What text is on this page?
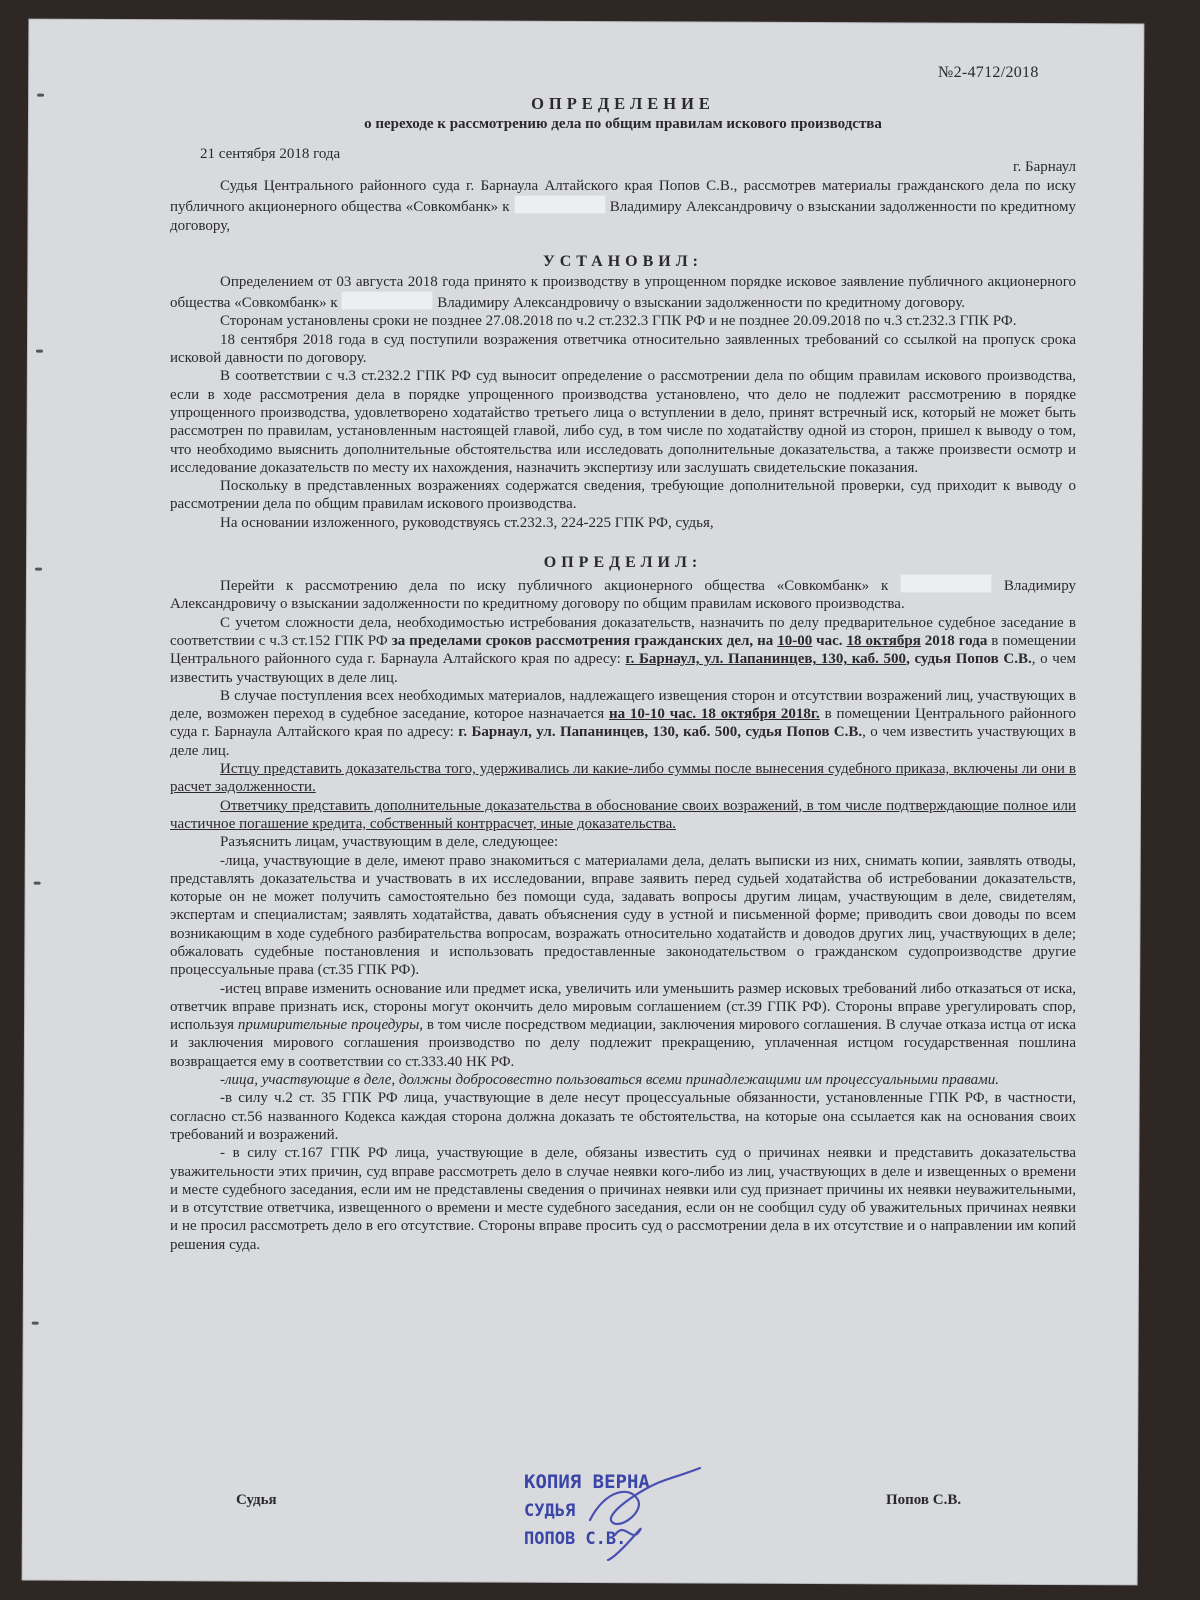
№2-4712/2018
ОПРЕДЕЛЕНИЕ
о переходе к рассмотрению дела по общим правилам искового производства
21 сентября 2018 года
г. Барнаул

Судья Центрального районного суда г. Барнаула Алтайского края Попов С.В., рассмотрев материалы гражданского дела по иску публичного акционерного общества «Совкомбанк» к	Владимиру Александровичу о взыскании задолженности по кредитному договору,

УСТАНОВИЛ:

Определением от 03 августа 2018 года принято к производству в упрощенном порядке исковое заявление публичного акционерного общества «Совкомбанк» к	Владимиру Александровичу о взыскании задолженности по кредитному договору.

Сторонам установлены сроки не позднее 27.08.2018 по ч.2 ст.232.3 ГПК РФ и не позднее 20.09.2018 по ч.3 ст.232.3 ГПК РФ.

18 сентября 2018 года в суд поступили возражения ответчика относительно заявленных требований со ссылкой на пропуск срока исковой давности по договору.

В соответствии с ч.3 ст.232.2 ГПК РФ суд выносит определение о рассмотрении дела по общим правилам искового производства, если в ходе рассмотрения дела в порядке упрощенного производства установлено, что дело не подлежит рассмотрению в порядке упрощенного производства, удовлетворено ходатайство третьего лица о вступлении в дело, принят встречный иск, который не может быть рассмотрен по правилам, установленным настоящей главой, либо суд, в том числе по ходатайству одной из сторон, пришел к выводу о том, что необходимо выяснить дополнительные обстоятельства или исследовать дополнительные доказательства, а также произвести осмотр и исследование доказательств по месту их нахождения, назначить экспертизу или заслушать свидетельские показания.

Поскольку в представленных возражениях содержатся сведения, требующие дополнительной проверки, суд приходит к выводу о рассмотрении дела по общим правилам искового производства.

На основании изложенного, руководствуясь ст.232.3, 224-225 ГПК РФ, судья,

ОПРЕДЕЛИЛ:

Перейти к рассмотрению дела по иску публичного акционерного общества «Совкомбанк» к	Владимиру Александровичу о взыскании задолженности по кредитному договору по общим правилам искового производства.

С учетом сложности дела, необходимостью истребования доказательств, назначить по делу предварительное судебное заседание в соответствии с ч.3 ст.152 ГПК РФ за пределами сроков рассмотрения гражданских дел, на 10-00 час. 18 октября 2018 года в помещении Центрального районного суда г. Барнаула Алтайского края по адресу: г. Барнаул, ул. Папанинцев, 130, каб. 500, судья Попов С.В., о чем известить участвующих в деле лиц.

В случае поступления всех необходимых материалов, надлежащего извещения сторон и отсутствии возражений лиц, участвующих в деле, возможен переход в судебное заседание, которое назначается на 10-10 час. 18 октября 2018г. в помещении Центрального районного суда г. Барнаула Алтайского края по адресу: г. Барнаул, ул. Папанинцев, 130, каб. 500, судья Попов С.В., о чем известить участвующих в деле лиц.

Истцу представить доказательства того, удерживались ли какие-либо суммы после вынесения судебного приказа, включены ли они в расчет задолженности.

Ответчику представить дополнительные доказательства в обоснование своих возражений, в том числе подтверждающие полное или частичное погашение кредита, собственный контррасчет, иные доказательства.

Разъяснить лицам, участвующим в деле, следующее:

-лица, участвующие в деле, имеют право знакомиться с материалами дела, делать выписки из них, снимать копии, заявлять отводы, представлять доказательства и участвовать в их исследовании, вправе заявить перед судьей ходатайства об истребовании доказательств, которые он не может получить самостоятельно без помощи суда, задавать вопросы другим лицам, участвующим в деле, свидетелям, экспертам и специалистам; заявлять ходатайства, давать объяснения суду в устной и письменной форме; приводить свои доводы по всем возникающим в ходе судебного разбирательства вопросам, возражать относительно ходатайств и доводов других лиц, участвующих в деле; обжаловать судебные постановления и использовать предоставленные законодательством о гражданском судопроизводстве другие процессуальные права (ст.35 ГПК РФ).

-истец вправе изменить основание или предмет иска, увеличить или уменьшить размер исковых требований либо отказаться от иска, ответчик вправе признать иск, стороны могут окончить дело мировым соглашением (ст.39 ГПК РФ). Стороны вправе урегулировать спор, используя примирительные процедуры, в том числе посредством медиации, заключения мирового соглашения. В случае отказа истца от иска и заключения мирового соглашения производство по делу подлежит прекращению, уплаченная истцом государственная пошлина возвращается ему в соответствии со ст.333.40 НК РФ.

-лица, участвующие в деле, должны добросовестно пользоваться всеми принадлежащими им процессуальными правами.

-в силу ч.2 ст. 35 ГПК РФ лица, участвующие в деле несут процессуальные обязанности, установленные ГПК РФ, в частности, согласно ст.56 названного Кодекса каждая сторона должна доказать те обстоятельства, на которые она ссылается как на основания своих требований и возражений.

- в силу ст.167 ГПК РФ лица, участвующие в деле, обязаны известить суд о причинах неявки и представить доказательства уважительности этих причин, суд вправе рассмотреть дело в случае неявки кого-либо из лиц, участвующих в деле и извещенных о времени и месте судебного заседания, если им не представлены сведения о причинах неявки или суд признает причины их неявки неуважительными, и в отсутствие ответчика, извещенного о времени и месте судебного заседания, если он не сообщил суду об уважительных причинах неявки и не просил рассмотреть дело в его отсутствие. Стороны вправе просить суд о рассмотрении дела в их отсутствие и о направлении им копий решения суда.

Судья	Попов С.В.
КОПИЯ ВЕРНА
СУДЬЯ
ПОПОВ С.В.
